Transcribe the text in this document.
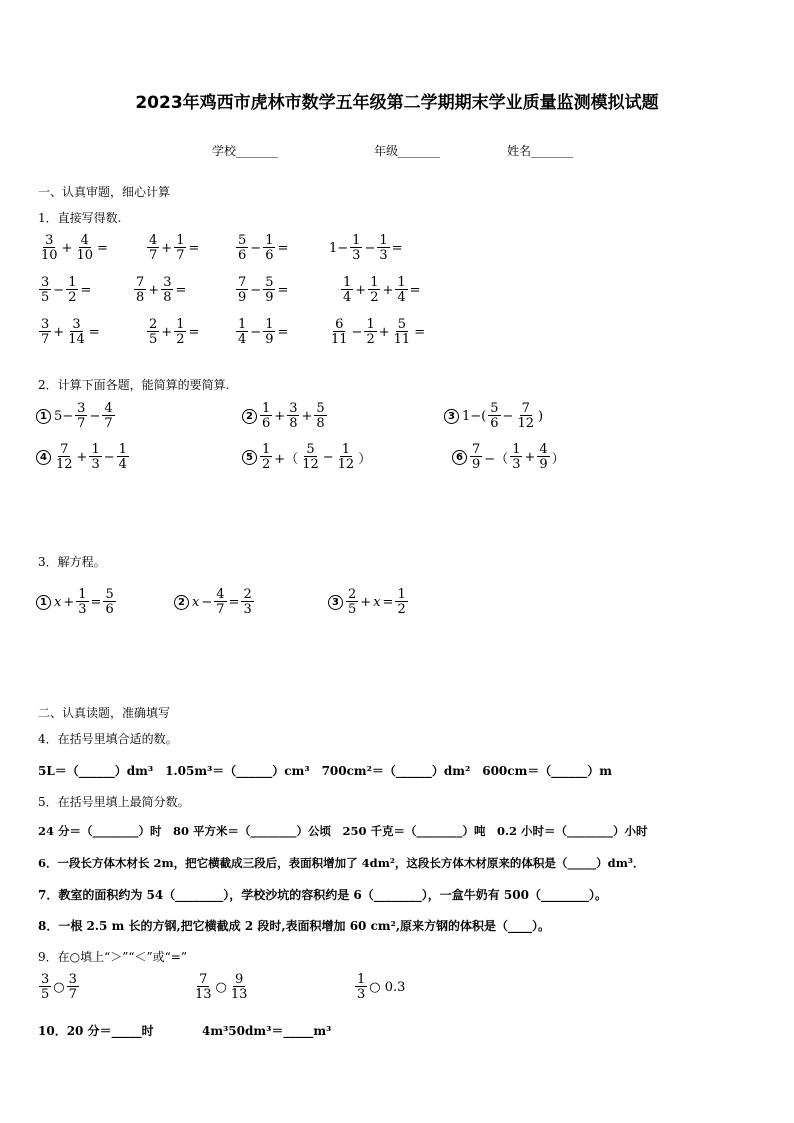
2023年鸡西市虎林市数学五年级第二学期期末学业质量监测模拟试题
学校_______	年级_______	姓名_______
一、认真审题，细心计算
1．直接写得数.
$\frac{3}{10} + \frac{4}{10}$ =	$\frac{4}{7} + \frac{1}{7}$ =	$\frac{5}{6} - \frac{1}{6}$ =	$1- \frac{1}{3} - \frac{1}{3}$ =
$\frac{3}{5} - \frac{1}{2}$ =	$\frac{7}{8} + \frac{3}{8}$ =	$\frac{7}{9} - \frac{5}{9}$ =	$\frac{1}{4} + \frac{1}{2} + \frac{1}{4}$ =
$\frac{3}{7} + \frac{3}{14}$ =	$\frac{2}{5} + \frac{1}{2}$ =	$\frac{1}{4} - \frac{1}{9}$ =	$\frac{6}{11} - \frac{1}{2} + \frac{5}{11}$ =
2．计算下面各题，能简算的要简算.
1 $5- \frac{3}{7} - \frac{4}{7}$	$2 \frac{1}{6} + \frac{3}{8} + \frac{5}{8}$	3 $1-( \frac{5}{6} - \frac{7}{12}$ )
$4 \frac{7}{12} + \frac{1}{3} - \frac{1}{4}$	$5 \frac{1}{2}$ +（ $\frac{5}{12} - \frac{1}{12}$ ）	$6 \frac{7}{9}$ −（ $\frac{1}{3} + \frac{4}{9}$ ）
3．解方程。
1 $x + \frac{1}{3} = \frac{5}{6}$	2 $x - \frac{4}{7} = \frac{2}{3}$	$3 \frac{2}{5} + x = \frac{1}{2}$
二、认真读题，准确填写
4．在括号里填合适的数。
5L＝（______）dm³　1.05m³＝（______）cm³　700cm²＝（______）dm²　600cm＝（______）m
5．在括号里填上最简分数。
24 分＝（________）时　80 平方米＝（________）公顷　250 千克＝（________）吨　0.2 小时＝（________）小时
6．一段长方体木材长 2m，把它横截成三段后，表面积增加了 4dm²，这段长方体木材原来的体积是（_____）dm³．
7．教室的面积约为 54（________），学校沙坑的容积约是 6（________），一盒牛奶有 500（________）。
8．一根 2.5 m 长的方钢,把它横截成 2 段时,表面积增加 60 cm²,原来方钢的体积是（____）。
9．在○填上“＞”“＜”或“=”
$\frac{3}{5}$ ○ $\frac{3}{7}$	$\frac{7}{13}$ ○ $\frac{9}{13}$	$\frac{1}{3}$ ○ 0.3
10．20 分＝_____时	4m³50dm³＝_____m³
